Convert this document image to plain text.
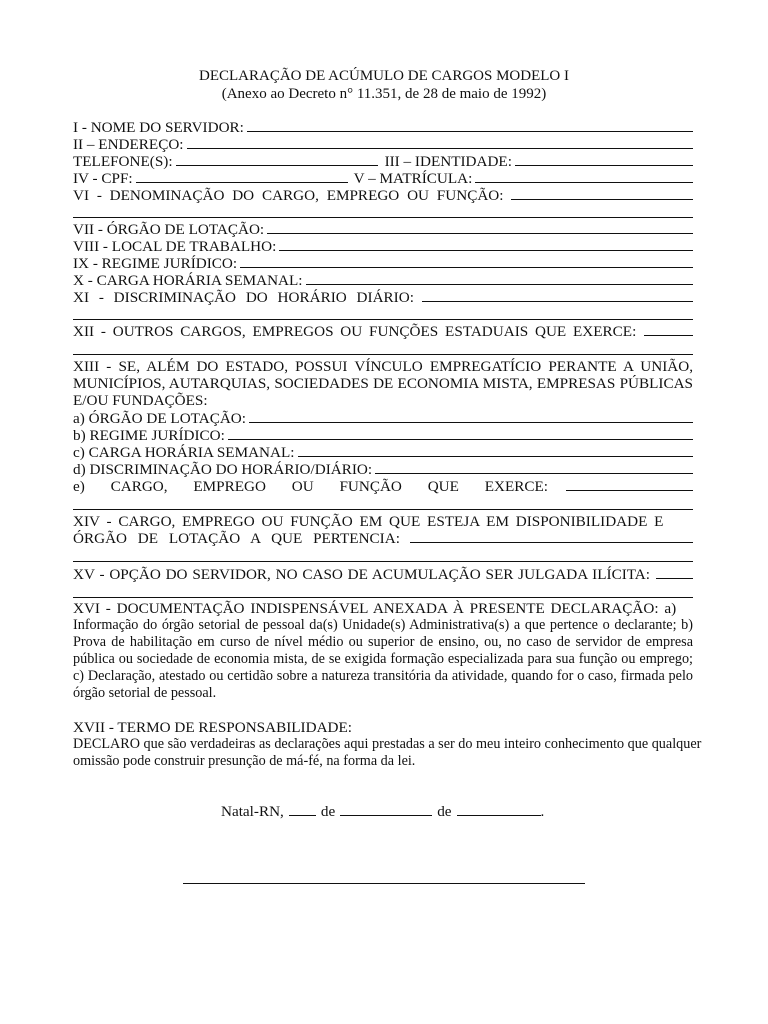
DECLARAÇÃO DE ACÚMULO DE CARGOS MODELO I
(Anexo ao Decreto n° 11.351, de 28 de maio de 1992)
I - NOME DO SERVIDOR:
II – ENDEREÇO:
TELEFONE(S):	III – IDENTIDADE:
IV - CPF:	V – MATRÍCULA:
VI - DENOMINAÇÃO DO CARGO, EMPREGO OU FUNÇÃO:
VII - ÓRGÃO DE LOTAÇÃO:
VIII - LOCAL DE TRABALHO:
IX - REGIME JURÍDICO:
X - CARGA HORÁRIA SEMANAL:
XI - DISCRIMINAÇÃO DO HORÁRIO DIÁRIO:
XII - OUTROS CARGOS, EMPREGOS OU FUNÇÕES ESTADUAIS QUE EXERCE:
XIII - SE, ALÉM DO ESTADO, POSSUI VÍNCULO EMPREGATÍCIO PERANTE A UNIÃO, MUNICÍPIOS, AUTARQUIAS, SOCIEDADES DE ECONOMIA MISTA, EMPRESAS PÚBLICAS E/OU FUNDAÇÕES:
a) ÓRGÃO DE LOTAÇÃO:
b) REGIME JURÍDICO:
c) CARGA HORÁRIA SEMANAL:
d) DISCRIMINAÇÃO DO HORÁRIO/DIÁRIO:
e) CARGO, EMPREGO OU FUNÇÃO QUE EXERCE:
XIV - CARGO, EMPREGO OU FUNÇÃO EM QUE ESTEJA EM DISPONIBILIDADE E
ÓRGÃO DE LOTAÇÃO A QUE PERTENCIA:
XV - OPÇÃO DO SERVIDOR, NO CASO DE ACUMULAÇÃO SER JULGADA ILÍCITA:
XVI - DOCUMENTAÇÃO INDISPENSÁVEL ANEXADA À PRESENTE DECLARAÇÃO: a)
Informação do órgão setorial de pessoal da(s) Unidade(s) Administrativa(s) a que pertence o declarante; b) Prova de habilitação em curso de nível médio ou superior de ensino, ou, no caso de servidor de empresa pública ou sociedade de economia mista, de se exigida formação especializada para sua função ou emprego; c) Declaração, atestado ou certidão sobre a natureza transitória da atividade, quando for o caso, firmada pelo órgão setorial de pessoal.
XVII - TERMO DE RESPONSABILIDADE:
DECLARO que são verdadeiras as declarações aqui prestadas a ser do meu inteiro conhecimento que qualquer omissão pode construir presunção de má-fé, na forma da lei.
Natal-RN, de	de	.
